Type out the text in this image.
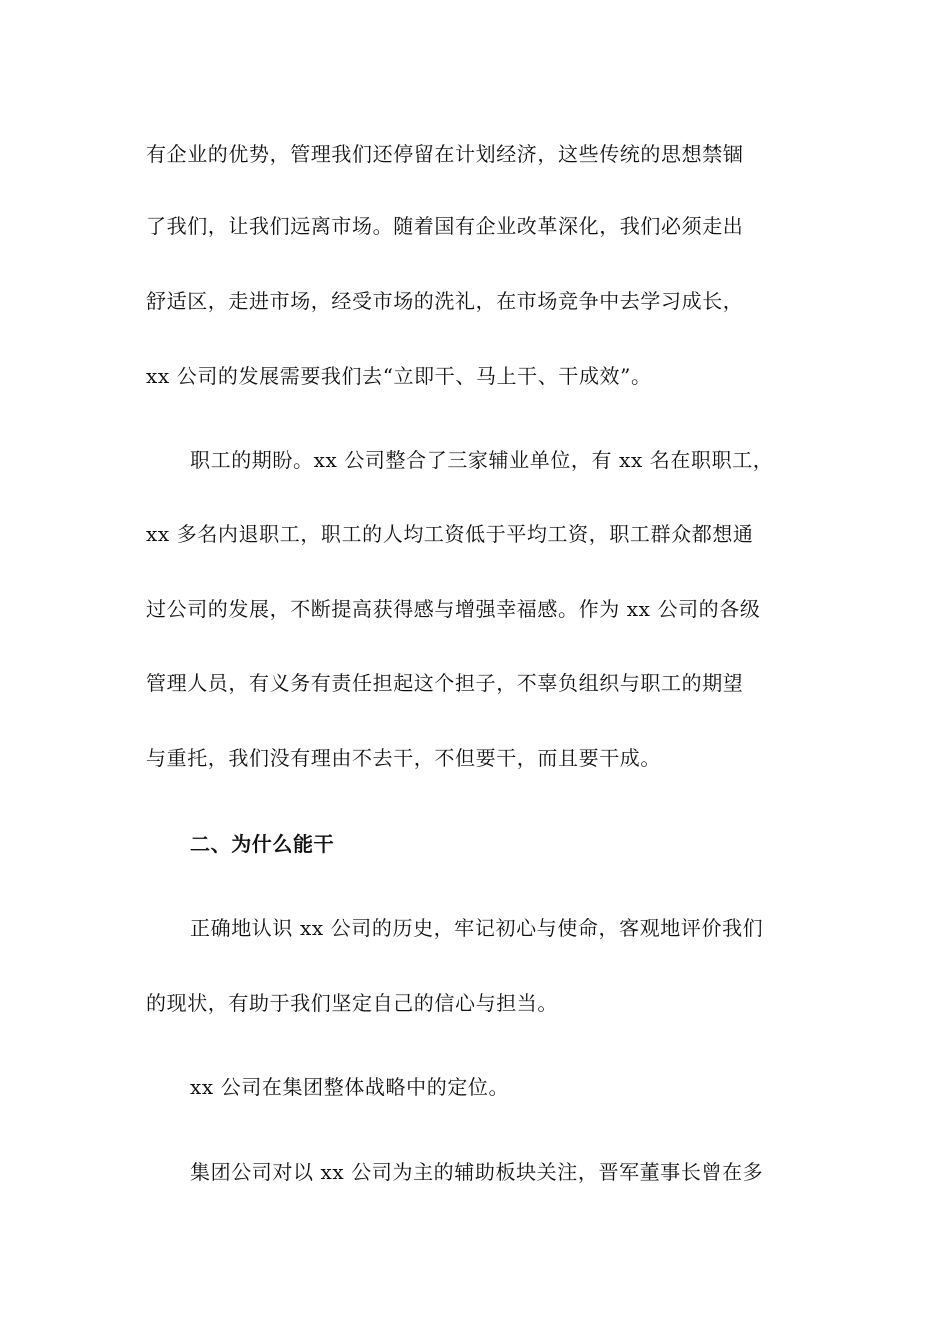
有企业的优势，管理我们还停留在计划经济，这些传统的思想禁锢

了我们，让我们远离市场。随着国有企业改革深化，我们必须走出

舒适区，走进市场，经受市场的洗礼，在市场竞争中去学习成长，

xx 公司的发展需要我们去“立即干、马上干、干成效”。

职工的期盼。xx 公司整合了三家辅业单位，有 xx 名在职职工，

xx 多名内退职工，职工的人均工资低于平均工资，职工群众都想通

过公司的发展，不断提高获得感与增强幸福感。作为 xx 公司的各级

管理人员，有义务有责任担起这个担子，不辜负组织与职工的期望

与重托，我们没有理由不去干，不但要干，而且要干成。

二、为什么能干

正确地认识 xx 公司的历史，牢记初心与使命，客观地评价我们

的现状，有助于我们坚定自己的信心与担当。

xx 公司在集团整体战略中的定位。

集团公司对以 xx 公司为主的辅助板块关注，晋军董事长曾在多
